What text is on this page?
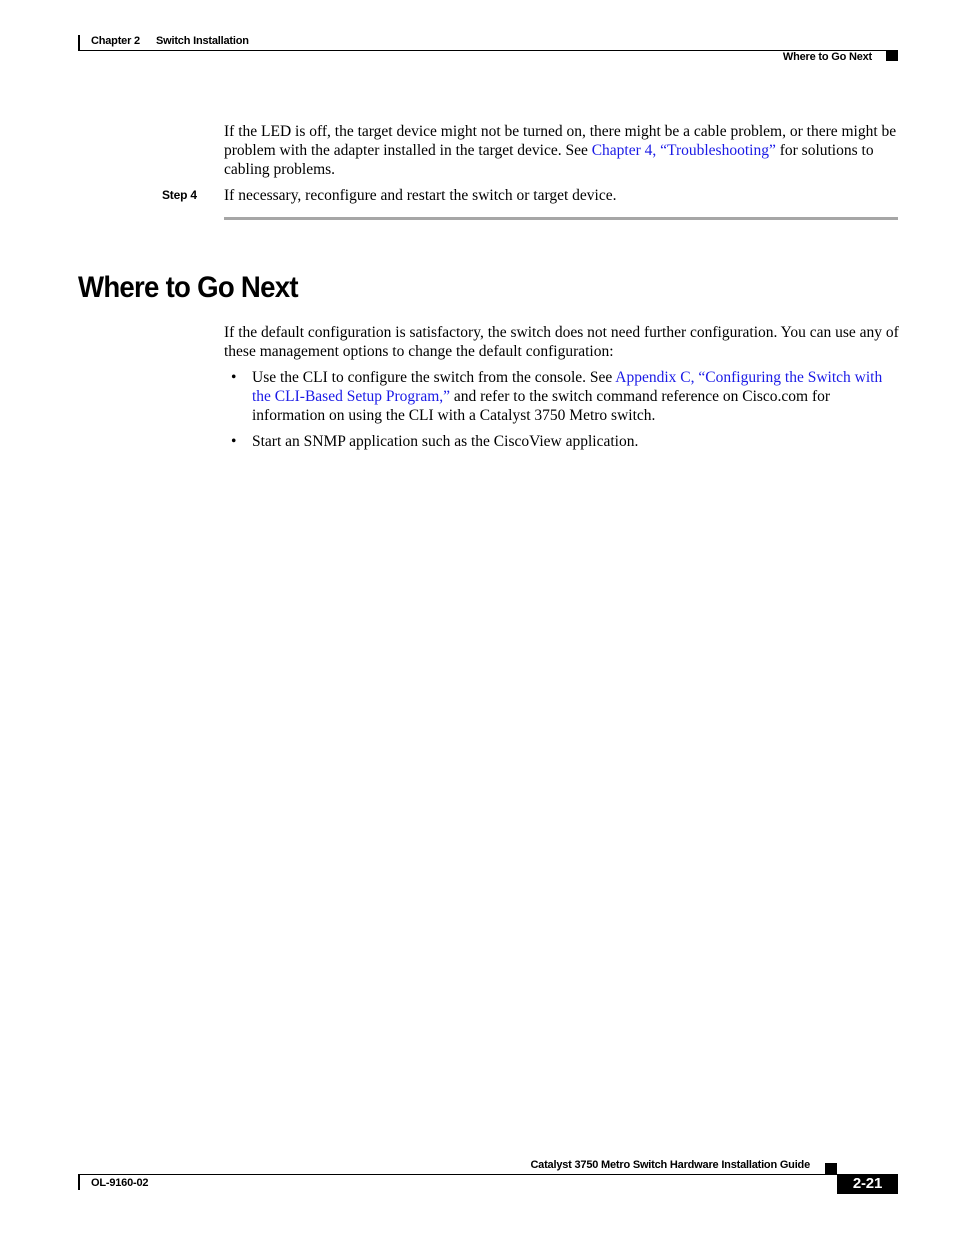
Chapter 2 Switch Installation
Where to Go Next
If the LED is off, the target device might not be turned on, there might be a cable problem, or there might be problem with the adapter installed in the target device. See Chapter 4, “Troubleshooting” for solutions to cabling problems.
Step 4 If necessary, reconfigure and restart the switch or target device.
Where to Go Next
If the default configuration is satisfactory, the switch does not need further configuration. You can use any of these management options to change the default configuration:
• Use the CLI to configure the switch from the console. See Appendix C, “Configuring the Switch with the CLI-Based Setup Program,” and refer to the switch command reference on Cisco.com for information on using the CLI with a Catalyst 3750 Metro switch.
• Start an SNMP application such as the CiscoView application.
Catalyst 3750 Metro Switch Hardware Installation Guide
OL-9160-02	2-21
